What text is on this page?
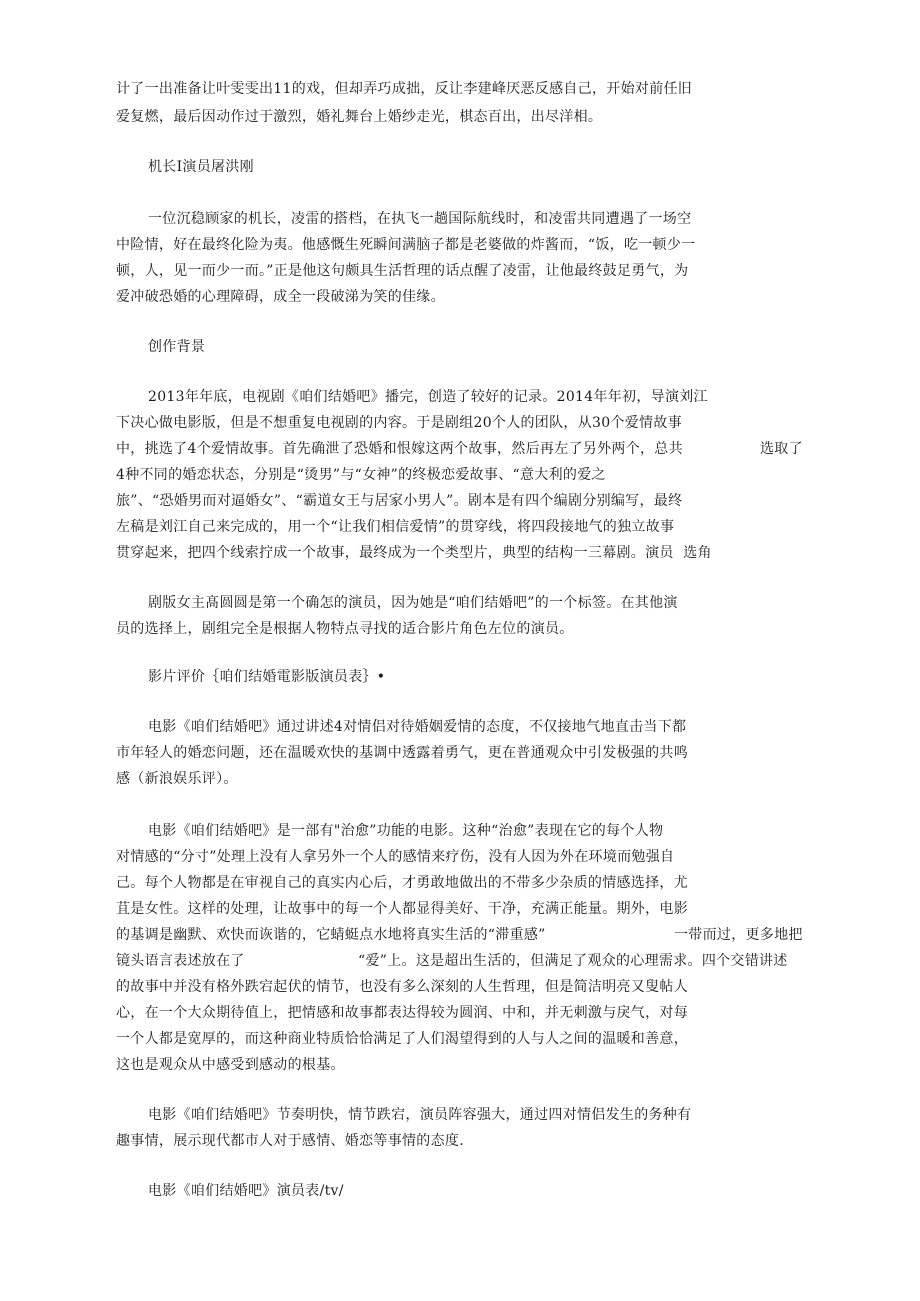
计了一出准备让叶雯雯出11的戏，但却弄巧成拙，反让李建峰厌恶反感自己，开始对前任旧
爱复燃，最后因动作过于激烈，婚礼舞台上婚纱走光，棋态百出，出尽洋相。
机长I演员屠洪刚
一位沉稳顾家的机长，凌雷的搭档，在执飞一趟国际航线时，和凌雷共同遭遇了一场空
中险情，好在最终化险为夷。他感慨生死瞬间满脑子都是老婆做的炸酱而，“饭，吃一顿少一
顿，人，见一而少一而。”正是他这句颇具生活哲理的话点醒了凌雷，让他最终鼓足勇气，为
爱冲破恐婚的心理障碍，成全一段破涕为笑的佳缘。
创作背景
2013年年底，电视剧《咱们结婚吧》播完，创造了较好的记录。2014年年初，导演刘江
下决心做电影版，但是不想重复电视剧的内容。于是剧组20个人的团队，从30个爱情故事
中，挑选了4个爱情故事。首先确泄了恐婚和恨嫁这两个故事，然后再左了另外两个，总共	选取了
4种不同的婚恋状态，分别是“烫男”与“女神”的终极恋爱故事、“意大利的爱之
旅”、“恐婚男而对逼婚女”、“霸道女王与居家小男人”。剧本是有四个编剧分别编写，最终
左稿是刘江自己来完成的，用一个“让我们相信爱情”的贯穿线，将四段接地气的独立故事
贯穿起来，把四个线索拧成一个故事，最终成为一个类型片，典型的结构一三幕剧。演员  选角
剧版女主髙圆圆是第一个确怎的演员，因为她是“咱们结婚吧”的一个标签。在其他演
员的选择上，剧组完全是根据人物特点寻找的适合影片角色左位的演员。
影片评价｛咱们结婚電影版演员表｝•
电影《咱们结婚吧》通过讲述4对情侣对待婚姻爱情的态度，不仅接地气地直击当下都
市年轻人的婚恋问题，还在温暖欢快的基调中透露着勇气，更在普通观众中引发极强的共鸣
感（新浪娱乐评）。
电影《咱们结婚吧》是一部有"治愈”功能的电影。这种“治愈”表现在它的每个人物
对情感的“分寸”处理上没有人拿另外一个人的感情来疗伤，没有人因为外在环境而勉强自
己。每个人物都是在审视自己的真实内心后，才勇敢地做出的不带多少杂质的情感选择，尤
苴是女性。这样的处理，让故事中的每一个人都显得美好、干净，充满正能量。期外，电影
的基调是幽默、欢快而诙谐的，它蜻蜓点水地将真实生活的“滞重感”	一带而过，更多地把
镜头语言表述放在了	“爱”上。这是超出生活的，但满足了观众的心理需求。四个交错讲述
的故事中并没有格外跌宕起伏的情节，也没有多么深刻的人生哲理，但是简洁明亮又叟帖人
心，在一个大众期待值上，把情感和故事都表达得较为圆润、中和，并无刺激与戾气，对每
一个人都是宽厚的，而这种商业特质恰恰满足了人们渴望得到的人与人之间的温暖和善意，
这也是观众从中感受到感动的根基。
电影《咱们结婚吧》节奏明快，情节跌宕，演员阵容强大，通过四对情侣发生的务种有
趣事情，展示现代都市人对于感情、婚恋等事情的态度.
电影《咱们结婚吧》演员表/tv/
